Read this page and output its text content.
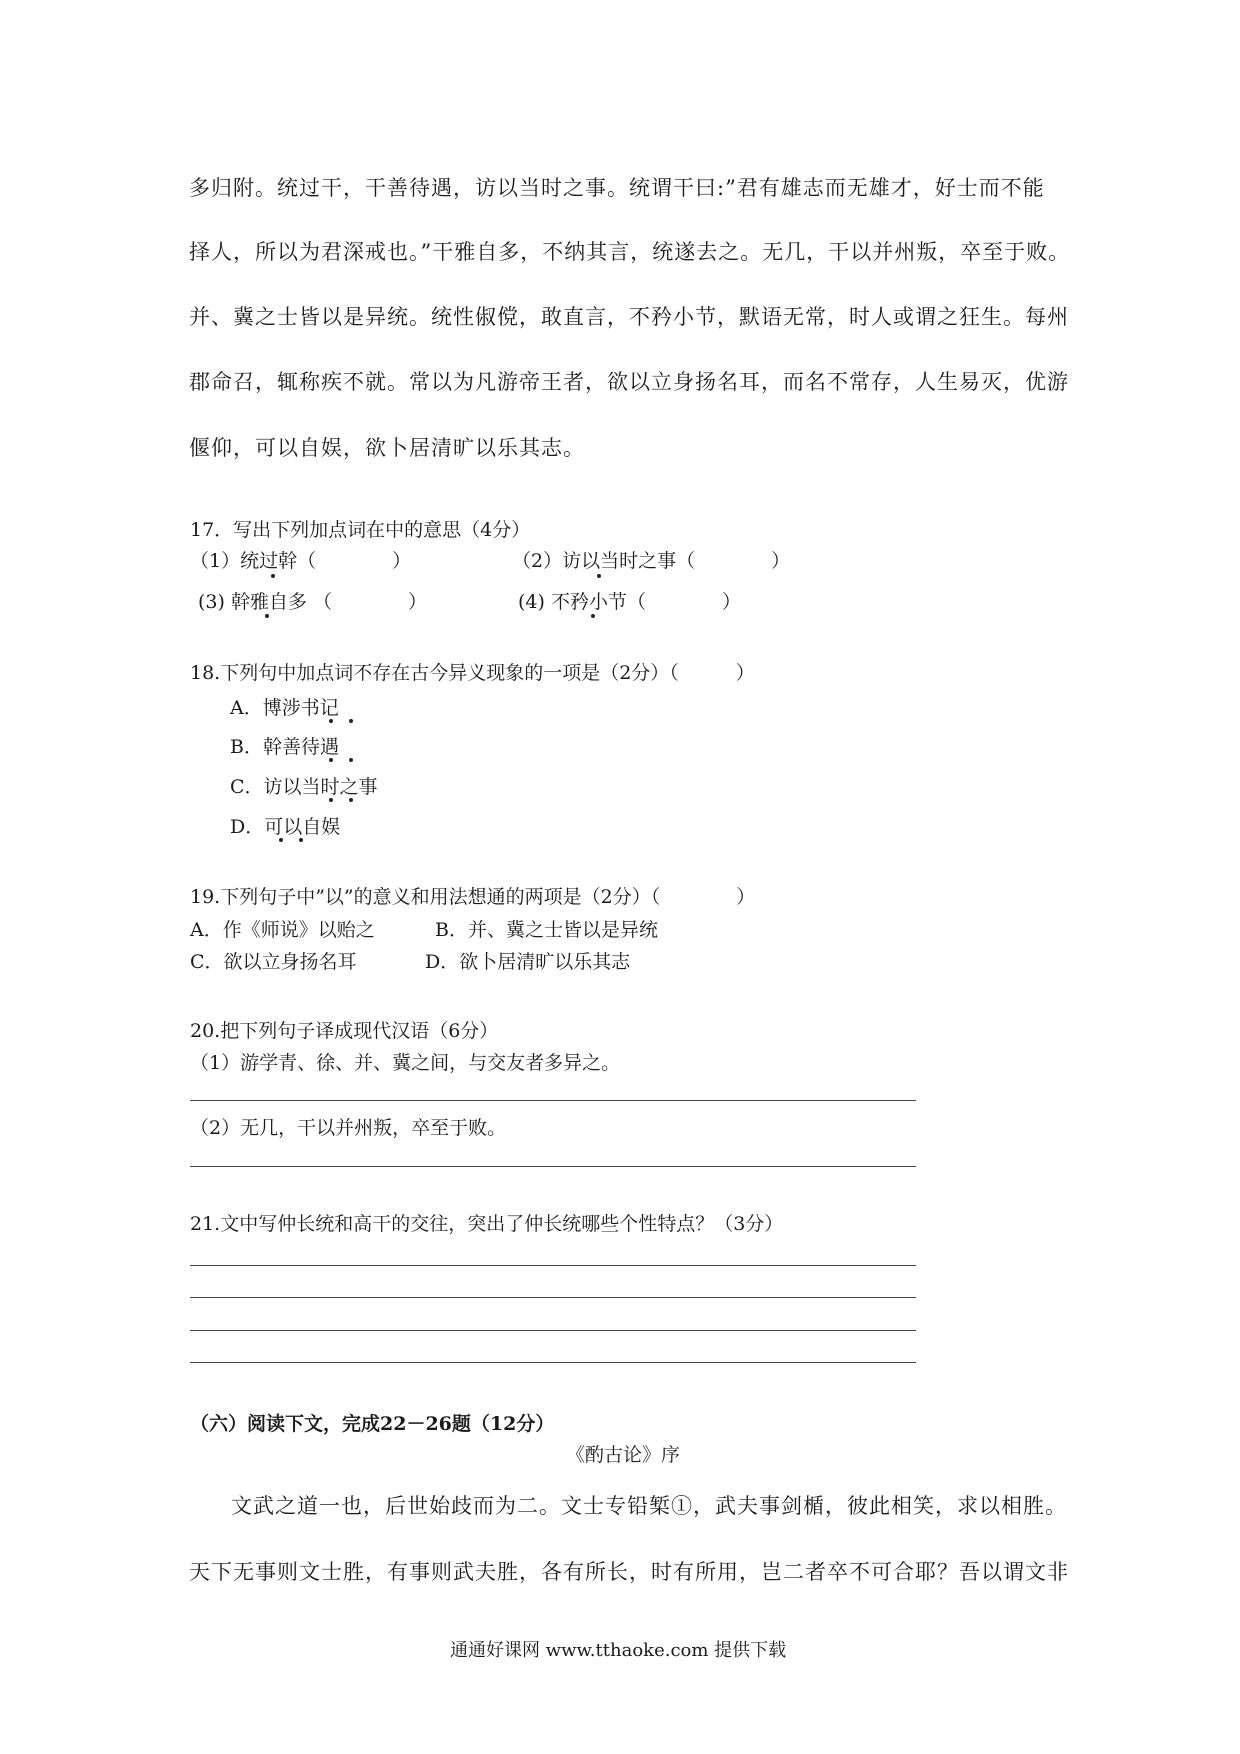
多归附。统过干，干善待遇，访以当时之事。统谓干曰:”君有雄志而无雄才，好士而不能
择人，所以为君深戒也。”干雅自多，不纳其言，统遂去之。无几，干以并州叛，卒至于败。
并、冀之士皆以是异统。统性俶傥，敢直言，不矜小节，默语无常，时人或谓之狂生。每州
郡命召，辄称疾不就。常以为凡游帝王者，欲以立身扬名耳，而名不常存，人生易灭，优游
偃仰，可以自娱，欲卜居清旷以乐其志。
17．写出下列加点词在中的意思（4分）
（1）统过幹（　　　　）	（2）访以当时之事（　　　　）
(3) 幹雅自多 （　　　　）	(4) 不矜小节（　　　　）
18.下列句中加点词不存在古今异义现象的一项是（2分）（　　　）
A．博涉书记
B．幹善待遇
C．访以当时之事
D．可以自娱
19.下列句子中”以”的意义和用法想通的两项是（2分）（　　　　）
A．作《师说》以贻之	B．并、冀之士皆以是异统
C．欲以立身扬名耳	D．欲卜居清旷以乐其志
20.把下列句子译成现代汉语（6分）
（1）游学青、徐、并、冀之间，与交友者多异之。
（2）无几，干以并州叛，卒至于败。
21.文中写仲长统和高干的交往，突出了仲长统哪些个性特点？（3分）
（六）阅读下文，完成22－26题（12分）
《酌古论》序
文武之道一也，后世始歧而为二。文士专铅椠①，武夫事剑楯，彼此相笑，求以相胜。
天下无事则文士胜，有事则武夫胜，各有所长，时有所用，岂二者卒不可合耶？吾以谓文非
通通好课网 www.tthaoke.com 提供下载
